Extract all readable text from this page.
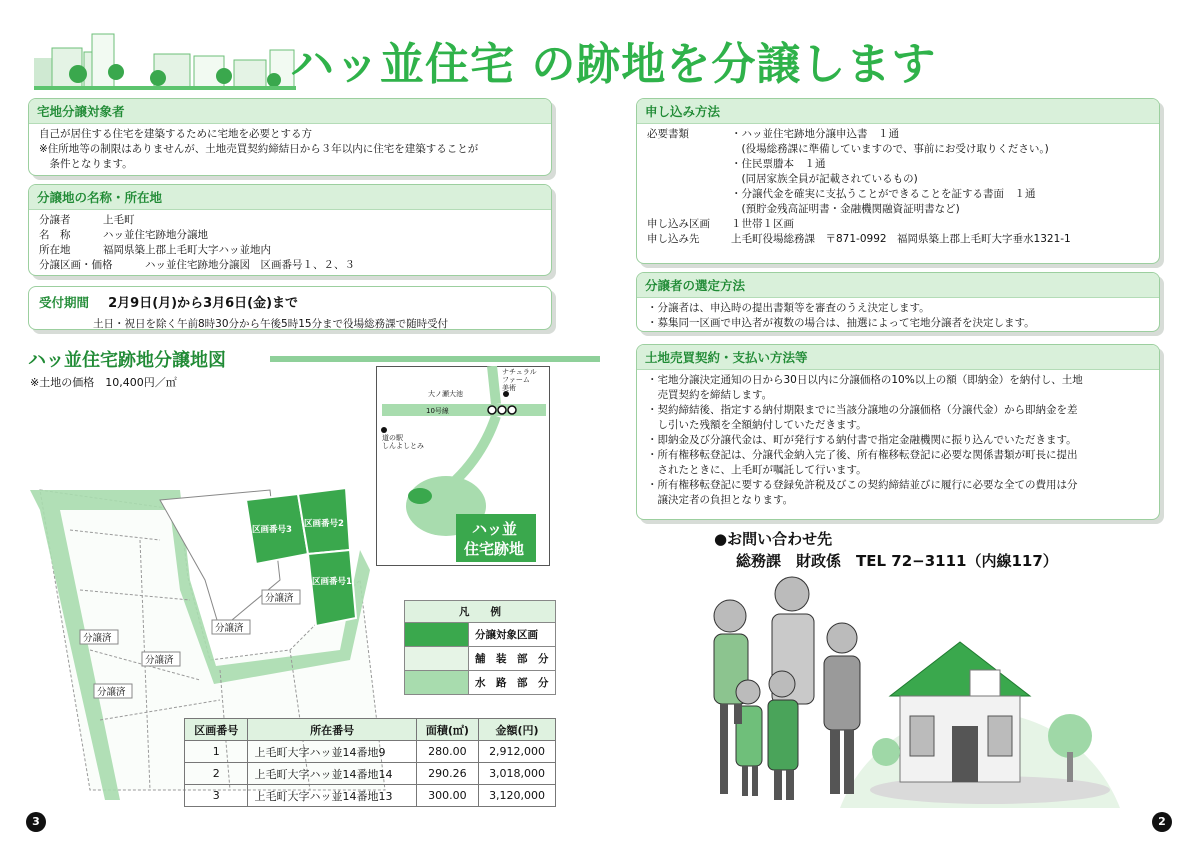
ハッ並住宅 の跡地を分譲します
宅地分譲対象者
自己が居住する住宅を建築するために宅地を必要とする方
※住所地等の制限はありませんが、土地売買契約締結日から３年以内に住宅を建築することが
　条件となります。
分譲地の名称・所在地
分譲者	上毛町
名　称	ハッ並住宅跡地分譲地
所在地	福岡県築上郡上毛町大字ハッ並地内
分譲区画・価格	ハッ並住宅跡地分譲図　区画番号１、２、３
受付期間 2月9日(月)から3月6日(金)まで
土日・祝日を除く午前8時30分から午後5時15分まで役場総務課で随時受付
ハッ並住宅跡地分譲地図
※土地の価格　10,400円／㎡
区画番号3
区画番号2
区画番号1
分譲済
分譲済
分譲済
分譲済
分譲済
大ノ瀬大池
ナチュラル
ファーム
美術
10号線
道の駅
しんよしとみ
ハッ並
住宅跡地
凡　　例	
	分譲対象区画
	舗　装　部　分
	水　路　部　分
区画番号	所在番号	面積(㎡)	金額(円)
1	上毛町大字ハッ並14番地9	280.00	2,912,000
2	上毛町大字ハッ並14番地14	290.26	3,018,000
3	上毛町大字ハッ並14番地13	300.00	3,120,000
3
申し込み方法
必要書類	・ハッ並住宅跡地分譲申込書　１通
　(役場総務課に準備していますので、事前にお受け取りください。)
・住民票謄本　１通
　(同居家族全員が記載されているもの)
・分譲代金を確実に支払うことができることを証する書面　１通
　(預貯金残高証明書・金融機関融資証明書など)
申し込み区画	１世帯１区画
申し込み先	上毛町役場総務課　〒871-0992　福岡県築上郡上毛町大字垂水1321-1
分譲者の選定方法
・分譲者は、申込時の提出書類等を審査のうえ決定します。
・募集同一区画で申込者が複数の場合は、抽選によって宅地分譲者を決定します。
土地売買契約・支払い方法等
・宅地分譲決定通知の日から30日以内に分譲価格の10%以上の額（即納金）を納付し、土地
　売買契約を締結します。
・契約締結後、指定する納付期限までに当該分譲地の分譲価格（分譲代金）から即納金を差
　し引いた残額を全額納付していただきます。
・即納金及び分譲代金は、町が発行する納付書で指定金融機関に振り込んでいただきます。
・所有権移転登記は、分譲代金納入完了後、所有権移転登記に必要な関係書類が町長に提出
　されたときに、上毛町が嘱託して行います。
・所有権移転登記に要する登録免許税及びこの契約締結並びに履行に必要な全ての費用は分
　譲決定者の負担となります。
●お問い合わせ先
総務課　財政係　TEL 72−3111（内線117）
2
